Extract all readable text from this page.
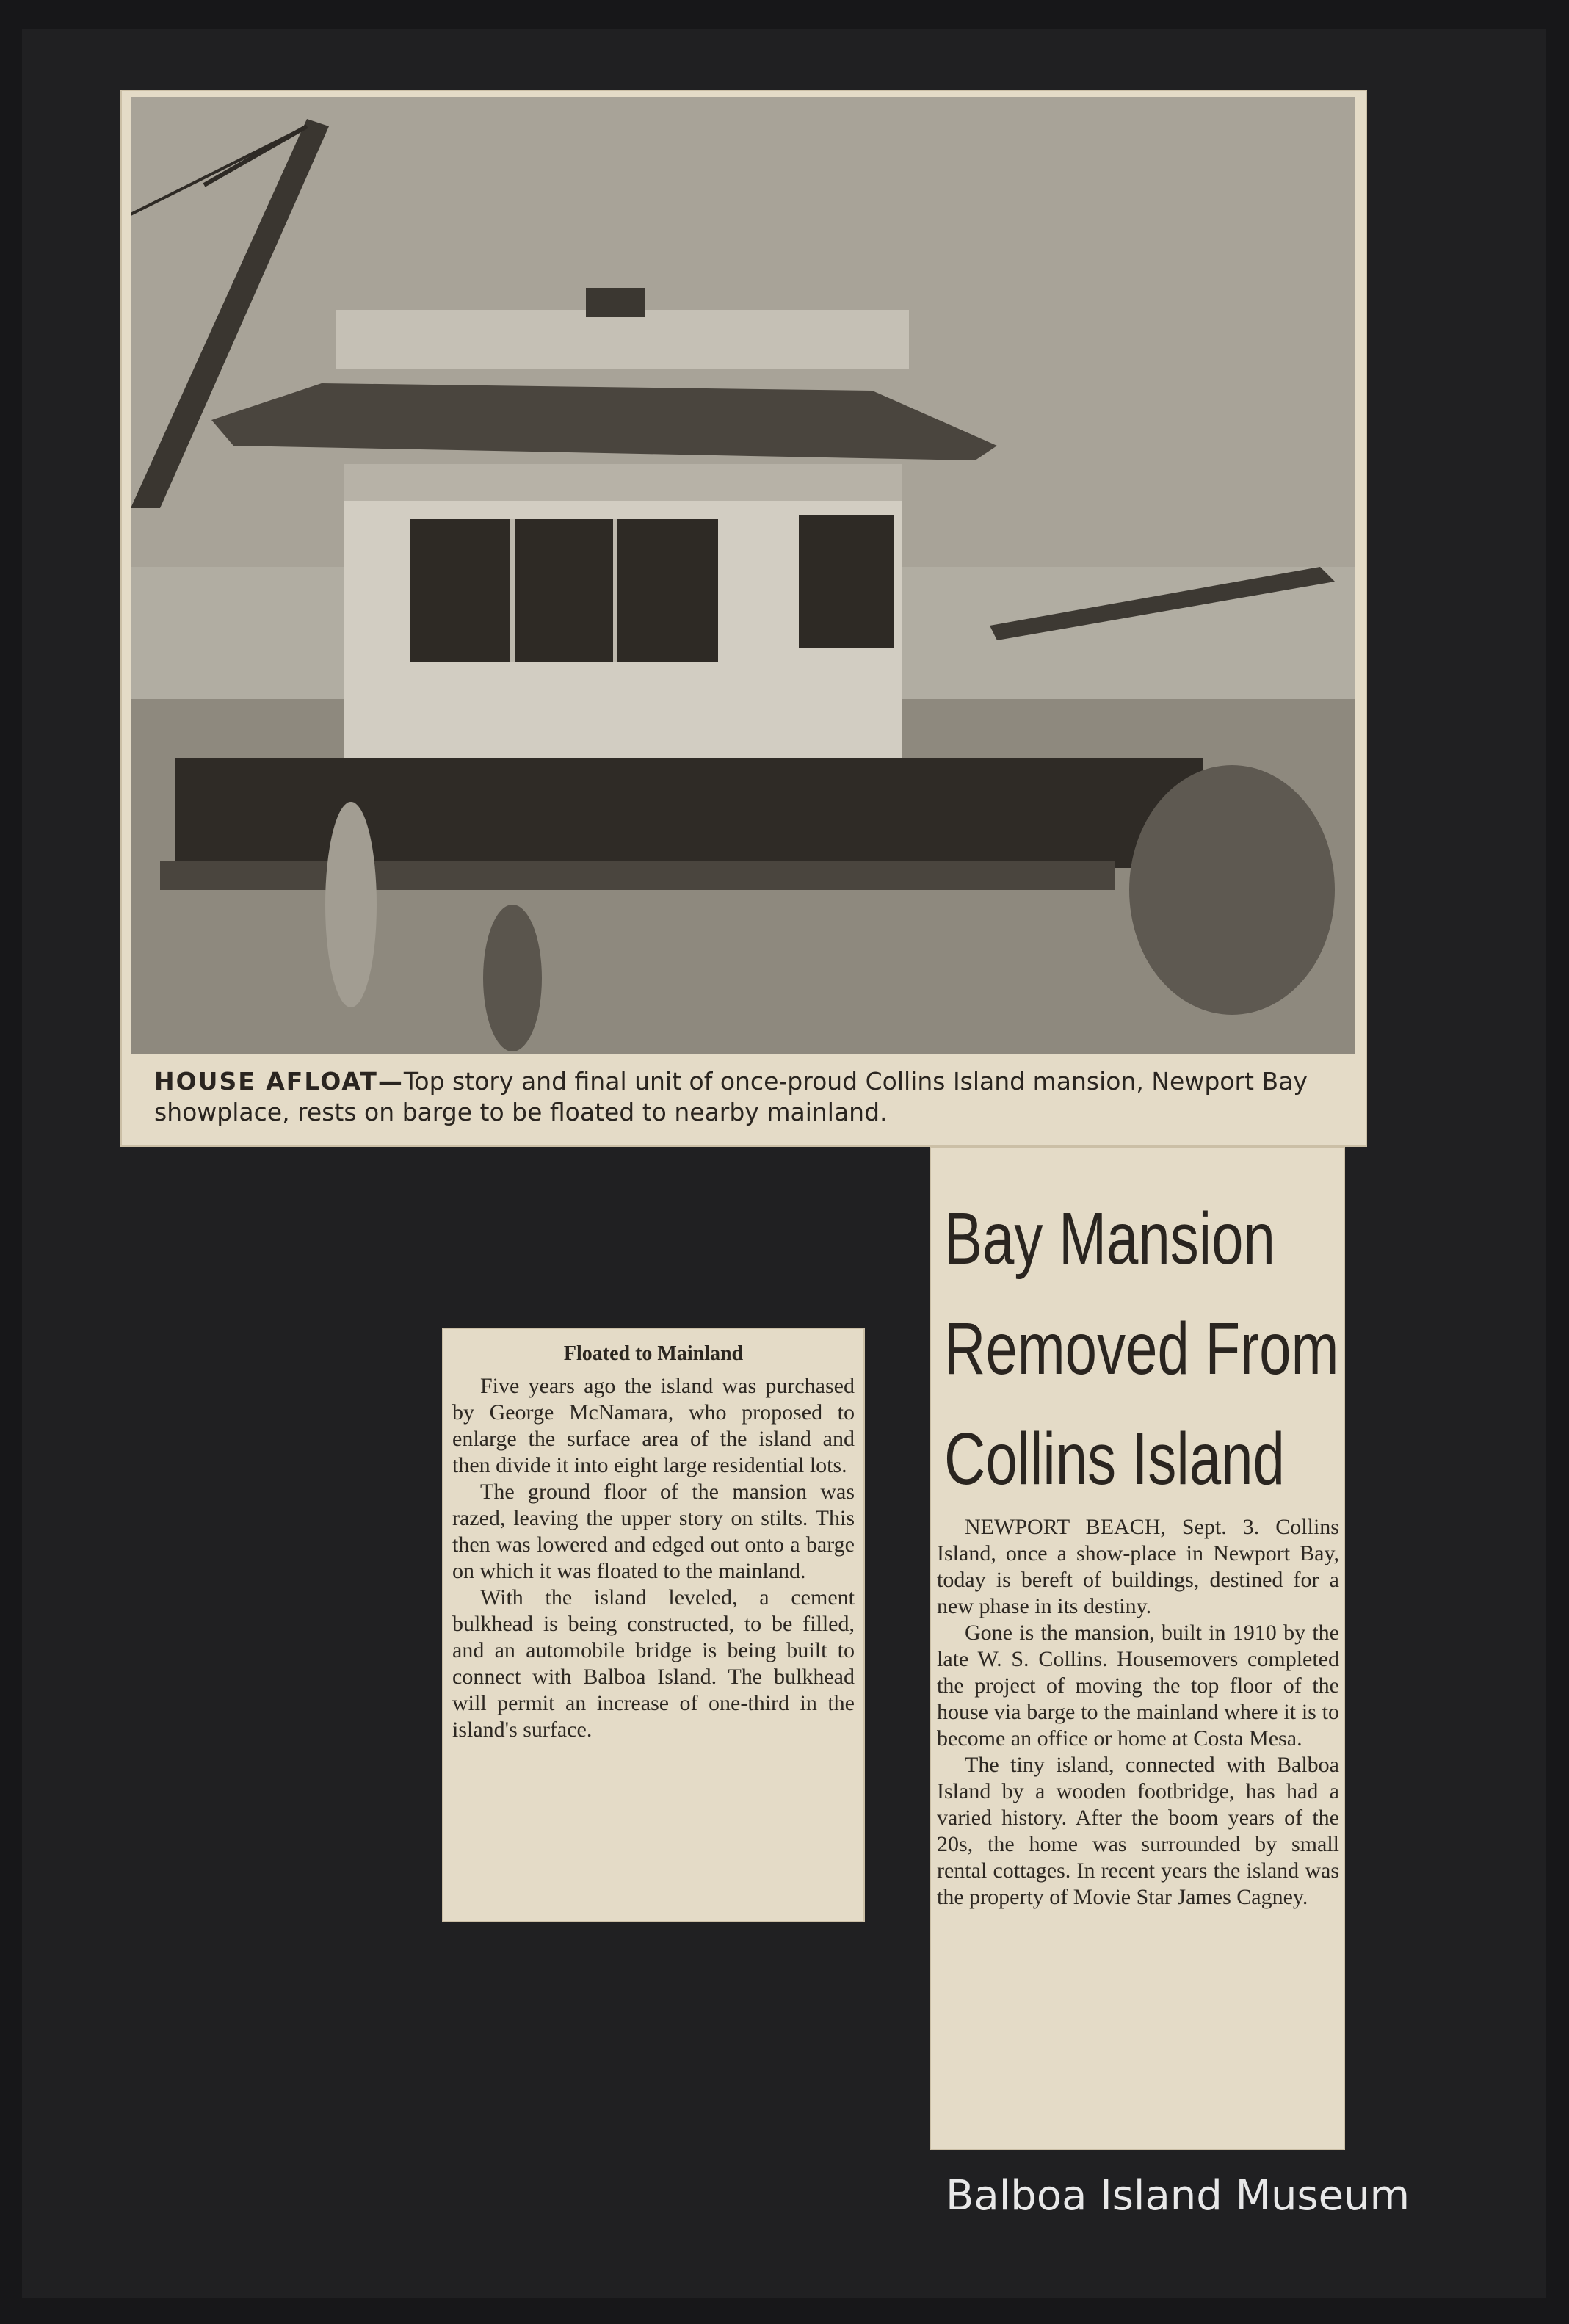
HOUSE AFLOAT—Top story and final unit of once-proud Collins Island mansion, Newport Bay showplace, rests on barge to be floated to nearby mainland.
Bay Mansion
Removed From
Collins Island

NEWPORT BEACH, Sept. 3. Collins Island, once a show-place in Newport Bay, today is bereft of buildings, destined for a new phase in its destiny.

Gone is the mansion, built in 1910 by the late W. S. Collins. Housemovers completed the project of moving the top floor of the house via barge to the mainland where it is to become an office or home at Costa Mesa.

The tiny island, connected with Balboa Island by a wooden footbridge, has had a varied history. After the boom years of the 20s, the home was surrounded by small rental cottages. In recent years the island was the property of Movie Star James Cagney.

Floated to Mainland

Five years ago the island was purchased by George McNamara, who proposed to enlarge the surface area of the island and then divide it into eight large residential lots.

The ground floor of the mansion was razed, leaving the upper story on stilts. This then was lowered and edged out onto a barge on which it was floated to the mainland.

With the island leveled, a cement bulkhead is being constructed, to be filled, and an automobile bridge is being built to connect with Balboa Island. The bulkhead will permit an increase of one-third in the island's surface.

Balboa Island Museum
